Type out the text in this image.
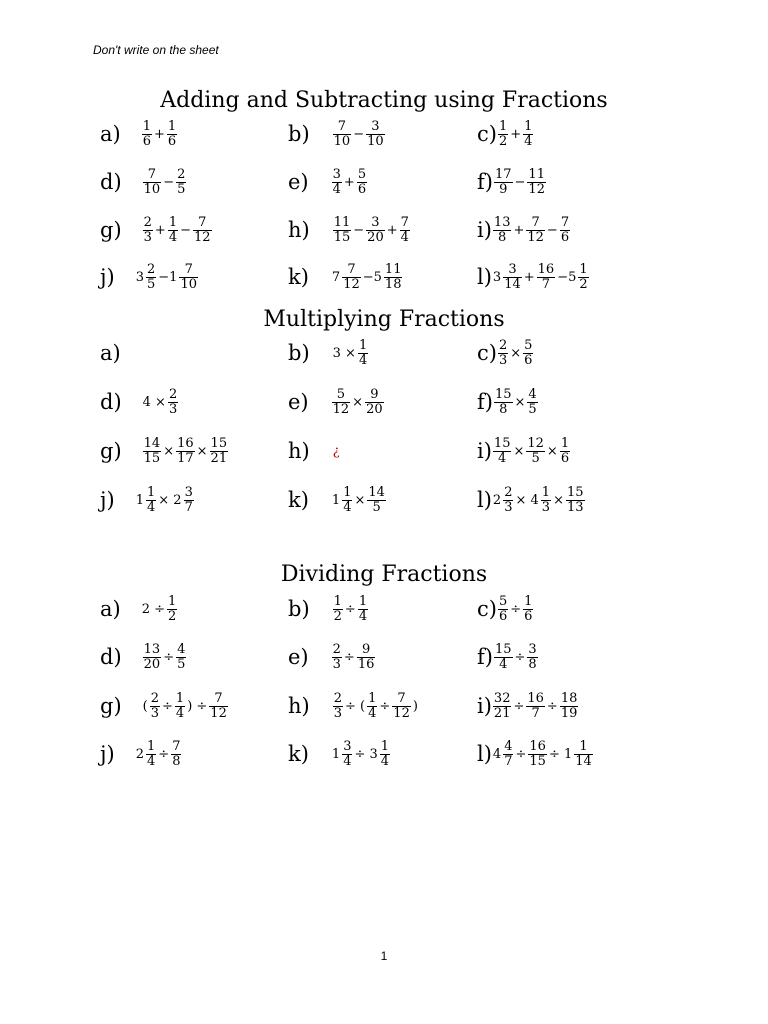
Don't write on the sheet
Adding and Subtracting using Fractions
$a) \frac{1}{6} + \frac{1}{6}$	$b) \frac{7}{10} - \frac{3}{10}$	$c) \frac{1}{2} + \frac{1}{4}$
$d) \frac{7}{10} - \frac{2}{5}$	$e) \frac{3}{4} + \frac{5}{6}$	$f) \frac{17}{9} - \frac{11}{12}$
$g) \frac{2}{3} + \frac{1}{4} - \frac{7}{12}$	$h) \frac{11}{15} - \frac{3}{20} + \frac{7}{4}$	$i) \frac{13}{8} + \frac{7}{12} - \frac{7}{6}$
j) $3 \frac{2}{5} -1 \frac{7}{10}$	k) $7 \frac{7}{12} -5 \frac{11}{18}$	l) $3 \frac{3}{14} + \frac{16}{7} -5 \frac{1}{2}$
Multiplying Fractions
a)	b) $3 \times \frac{1}{4}$	$c) \frac{2}{3} \times \frac{5}{6}$
d) $4 \times \frac{2}{3}$	$e) \frac{5}{12} \times \frac{9}{20}$	$f) \frac{15}{8} \times \frac{4}{5}$
$g) \frac{14}{15} \times \frac{16}{17} \times \frac{15}{21}$	h) ¿	$i) \frac{15}{4} \times \frac{12}{5} \times \frac{1}{6}$
j) $1 \frac{1}{4} \times 2 \frac{3}{7}$	k) $1 \frac{1}{4} \times \frac{14}{5}$	l) $2 \frac{2}{3} \times 4 \frac{1}{3} \times \frac{15}{13}$
Dividing Fractions
a) $2 \div \frac{1}{2}$	$b) \frac{1}{2} \div \frac{1}{4}$	$c) \frac{5}{6} \div \frac{1}{6}$
$d) \frac{13}{20} \div \frac{4}{5}$	$e) \frac{2}{3} \div \frac{9}{16}$	$f) \frac{15}{4} \div \frac{3}{8}$
g) ( $\frac{2}{3} \div \frac{1}{4}$ ) ÷ $\frac{7}{12}$	$h) \frac{2}{3}$ ÷ ( $\frac{1}{4} \div \frac{7}{12}$ )	$i) \frac{32}{21} \div \frac{16}{7} \div \frac{18}{19}$
j) $2 \frac{1}{4} \div \frac{7}{8}$	k) $1 \frac{3}{4} \div 3 \frac{1}{4}$	l) $4 \frac{4}{7} \div \frac{16}{15} \div 1 \frac{1}{14}$
1
